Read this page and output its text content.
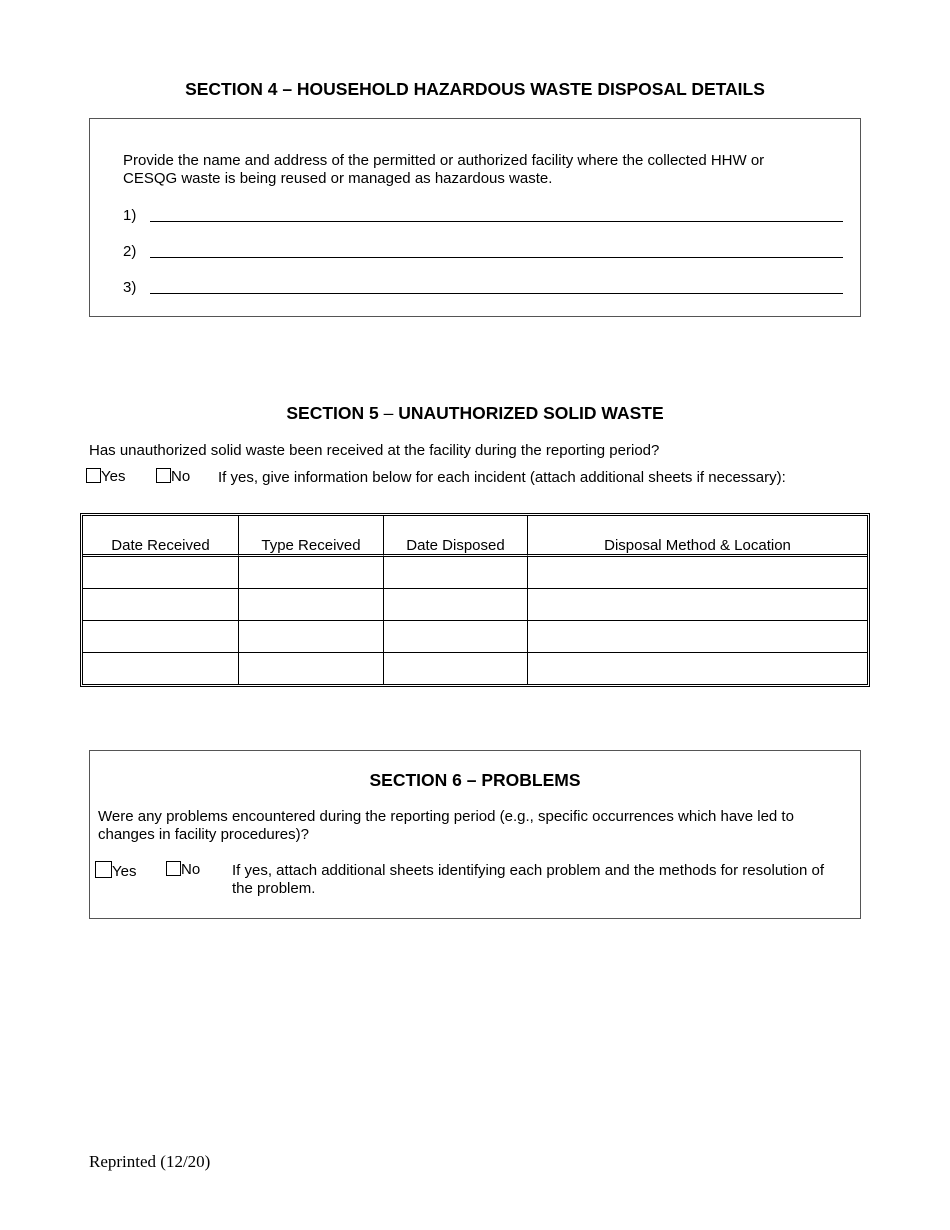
SECTION 4 – HOUSEHOLD HAZARDOUS WASTE DISPOSAL DETAILS
Provide the name and address of the permitted or authorized facility where the collected HHW or
CESQG waste is being reused or managed as hazardous waste.
1)
2)
3)
SECTION 5 – UNAUTHORIZED SOLID WASTE
Has unauthorized solid waste been received at the facility during the reporting period?
Yes	No If yes, give information below for each incident (attach additional sheets if necessary):
Date Received	Type Received	Date Disposed	Disposal Method & Location

SECTION 6 – PROBLEMS
Were any problems encountered during the reporting period (e.g., specific occurrences which have led to
changes in facility procedures)?
Yes	No If yes, attach additional sheets identifying each problem and the methods for resolution of
the problem.
Reprinted (12/20)
